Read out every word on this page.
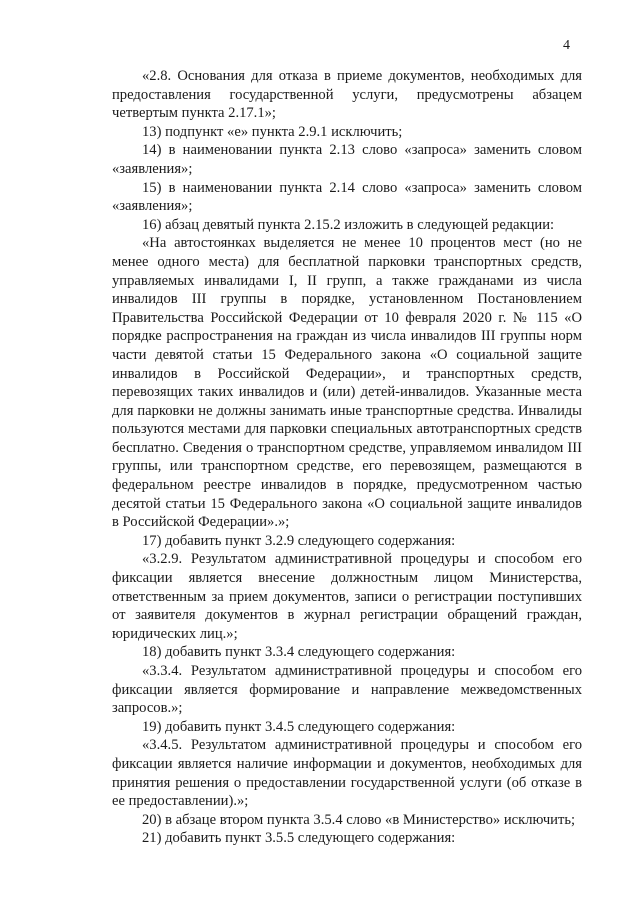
4

«2.8. Основания для отказа в приеме документов, необходимых для предоставления государственной услуги, предусмотрены абзацем четвертым пункта 2.17.1»;

13) подпункт «е» пункта 2.9.1 исключить;

14) в наименовании пункта 2.13 слово «запроса» заменить словом «заявления»;

15) в наименовании пункта 2.14 слово «запроса» заменить словом «заявления»;

16) абзац девятый пункта 2.15.2 изложить в следующей редакции:

«На автостоянках выделяется не менее 10 процентов мест (но не менее одного места) для бесплатной парковки транспортных средств, управляемых инвалидами I, II групп, а также гражданами из числа инвалидов III группы в порядке, установленном Постановлением Правительства Российской Федерации от 10 февраля 2020 г. № 115 «О порядке распространения на граждан из числа инвалидов III группы норм части девятой статьи 15 Федерального закона «О социальной защите инвалидов в Российской Федерации», и транспортных средств, перевозящих таких инвалидов и (или) детей-инвалидов. Указанные места для парковки не должны занимать иные транспортные средства. Инвалиды пользуются местами для парковки специальных автотранспортных средств бесплатно. Сведения о транспортном средстве, управляемом инвалидом III группы, или транспортном средстве, его перевозящем, размещаются в федеральном реестре инвалидов в порядке, предусмотренном частью десятой статьи 15 Федерального закона «О социальной защите инвалидов в Российской Федерации».»;

17) добавить пункт 3.2.9 следующего содержания:

«3.2.9. Результатом административной процедуры и способом его фиксации является внесение должностным лицом Министерства, ответственным за прием документов, записи о регистрации поступивших от заявителя документов в журнал регистрации обращений граждан, юридических лиц.»;

18) добавить пункт 3.3.4 следующего содержания:

«3.3.4. Результатом административной процедуры и способом его фиксации является формирование и направление межведомственных запросов.»;

19) добавить пункт 3.4.5 следующего содержания:

«3.4.5. Результатом административной процедуры и способом его фиксации является наличие информации и документов, необходимых для принятия решения о предоставлении государственной услуги (об отказе в ее предоставлении).»;

20) в абзаце втором пункта 3.5.4 слово «в Министерство» исключить;

21) добавить пункт 3.5.5 следующего содержания:
